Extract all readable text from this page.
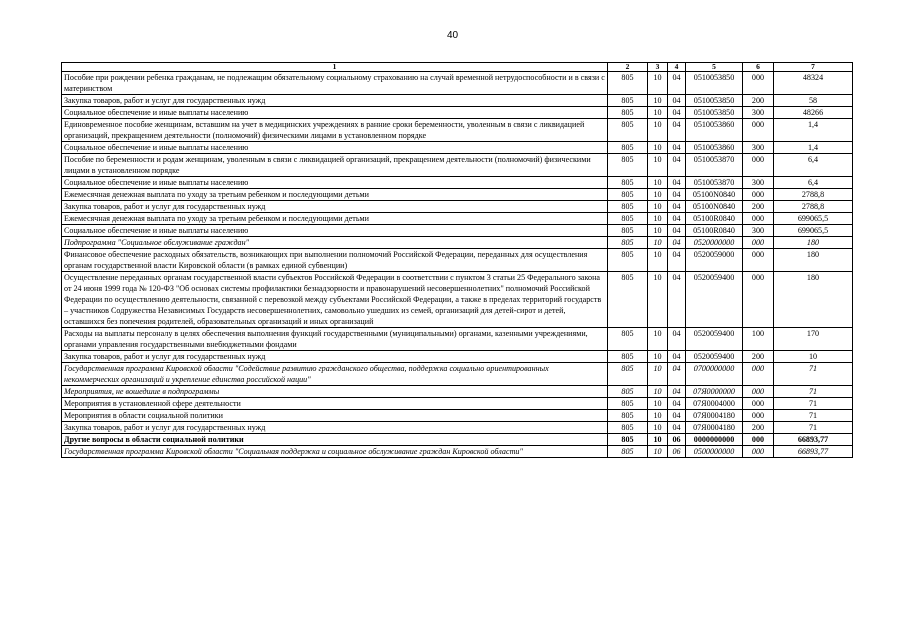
40
1	2	3	4	5	6	7
Пособие при рождении ребенка гражданам, не подлежащим обязательному социальному страхованию на случай временной нетрудоспособности и в связи с материнством	805	10	04	0510053850	000	48324
Закупка товаров, работ и услуг для государственных нужд	805	10	04	0510053850	200	58
Социальное обеспечение и иные выплаты населению	805	10	04	0510053850	300	48266
Единовременное пособие женщинам, вставшим на учет в медицинских учреждениях в ранние сроки беременности, уволенным в связи с ликвидацией организаций, прекращением деятельности (полномочий) физическими лицами в установленном порядке	805	10	04	0510053860	000	1,4
Социальное обеспечение и иные выплаты населению	805	10	04	0510053860	300	1,4
Пособие по беременности и родам женщинам, уволенным в связи с ликвидацией организаций, прекращением деятельности (полномочий) физическими лицами в установленном порядке	805	10	04	0510053870	000	6,4
Социальное обеспечение и иные выплаты населению	805	10	04	0510053870	300	6,4
Ежемесячная денежная выплата по уходу за третьим ребенком и последующими детьми	805	10	04	05100N0840	000	2788,8
Закупка товаров, работ и услуг для государственных нужд	805	10	04	05100N0840	200	2788,8
Ежемесячная денежная выплата по уходу за третьим ребенком и последующими детьми	805	10	04	05100R0840	000	699065,5
Социальное обеспечение и иные выплаты населению	805	10	04	05100R0840	300	699065,5
Подпрограмма "Социальное обслуживание граждан"	805	10	04	0520000000	000	180
Финансовое обеспечение расходных обязательств, возникающих при выполнении полномочий Российской Федерации, переданных для осуществления органам государственной власти Кировской области (в рамках единой субвенции)	805	10	04	0520059000	000	180
Осуществление переданных органам государственной власти субъектов Российской Федерации в соответствии с пунктом 3 статьи 25 Федерального закона от 24 июня 1999 года № 120-ФЗ "Об основах системы профилактики безнадзорности и правонарушений несовершеннолетних" полномочий Российской Федерации по осуществлению деятельности, связанной с перевозкой между субъектами Российской Федерации, а также в пределах территорий государств – участников Содружества Независимых Государств несовершеннолетних, самовольно ушедших из семей, организаций для детей-сирот и детей, оставшихся без попечения родителей, образовательных организаций и иных организаций	805	10	04	0520059400	000	180
Расходы на выплаты персоналу в целях обеспечения выполнения функций государственными (муниципальными) органами, казенными учреждениями, органами управления государственными внебюджетными фондами	805	10	04	0520059400	100	170
Закупка товаров, работ и услуг для государственных нужд	805	10	04	0520059400	200	10
Государственная программа Кировской области "Содействие развитию гражданского общества, поддержка социально ориентированных некоммерческих организаций и укрепление единства российской нации"	805	10	04	0700000000	000	71
Мероприятия, не вошедшие в подпрограммы	805	10	04	07Я0000000	000	71
Мероприятия в установленной сфере деятельности	805	10	04	07Я0004000	000	71
Мероприятия в области социальной политики	805	10	04	07Я0004180	000	71
Закупка товаров, работ и услуг для государственных нужд	805	10	04	07Я0004180	200	71
Другие вопросы в области социальной политики	805	10	06	0000000000	000	66893,77
Государственная программа Кировской области "Социальная поддержка и социальное обслуживание граждан Кировской области"	805	10	06	0500000000	000	66893,77
